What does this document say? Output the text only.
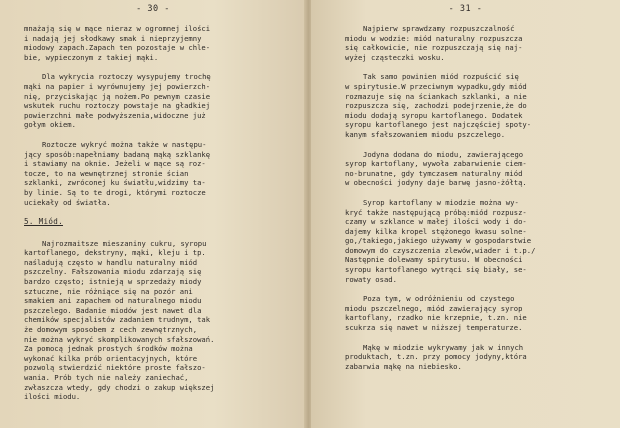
- 30 -
mnażają się w mące nieraz w ogromnej ilości
i nadają jej słodkawy smak i nieprzyjemny
miodowy zapach.Zapach ten pozostaje w chle-
bie, wypieczonym z takiej mąki.
Dla wykrycia roztoczy wysypujemy trochę
mąki na papier i wyrównujemy jej powierzch-
nię, przyciskając ją nożem.Po pewnym czasie
wskutek ruchu roztoczy powstaje na gładkiej
powierzchni małe podwyższenia,widoczne już
gołym okiem.
Roztocze wykryć można także w następu-
jący sposób:napełniamy badaną mąką szklankę
i stawiamy na oknie. Jeżeli w mące są roz-
tocze, to na wewnętrznej stronie ścian
szklanki, zwróconej ku światłu,widzimy ta-
by linie. Są to te drogi, którymi roztocze
uciekały od światła.
5. Miód.
Najrozmaitsze mieszaniny cukru, syropu
kartoflanego, dekstryny, mąki, kleju i tp.
naśladują często w handlu naturalny miód
pszczelny. Fałszowania miodu zdarzają się
bardzo często; istnieją w sprzedaży miody
sztuczne, nie różniące się na pozór ani
smakiem ani zapachem od naturalnego miodu
pszczelego. Badanie miodów jest nawet dla
chemików specjalistów zadaniem trudnym, tak
że domowym sposobem z cech zewnętrznych,
nie można wykryć skomplikowanych sfałszowań.
Za pomocą jednak prostych środków można
wykonać kilka prób orientacyjnych, które
pozwolą stwierdzić niektóre proste fałszo-
wania. Prób tych nie należy zaniechać,
zwłaszcza wtedy, gdy chodzi o zakup większej
ilości miodu.
- 31 -
Najpierw sprawdzamy rozpuszczalność
miodu w wodzie: miód naturalny rozpuszcza
się całkowicie, nie rozpuszczają się naj-
wyżej cząsteczki wosku.
Tak samo powinien miód rozpuścić się
w spirytusie.W przeciwnym wypadku,gdy miód
rozmazuje się na ściankach szklanki, a nie
rozpuszcza się, zachodzi podejrzenie,że do
miodu dodają syropu kartoflanego. Dodatek
syropu kartoflanego jest najczęściej spoty-
kanym sfałszowaniem miodu pszczelego.
Jodyna dodana do miodu, zawierającego
syrop kartoflany, wywoła zabarwienie ciem-
no-brunatne, gdy tymczasem naturalny miód
w obecności jodyny daje barwę jasno-żółtą.
Syrop kartoflany w miodzie można wy-
kryć także następującą próbą:miód rozpusz-
czamy w szklance w małej ilości wody i do-
dajemy kilka kropel stężonego kwasu solne-
go,/takiego,jakiego używamy w gospodarstwie
domowym do czyszczenia zlewów,wiader i t.p./
Następnie dolewamy spirytusu. W obecności
syropu kartoflanego wytrąci się biały, se-
rowaty osad.
Poza tym, w odróżnieniu od czystego
miodu pszczelnego, miód zawierający syrop
kartoflany, rzadko nie krzepnie, t.zn. nie
scukrza się nawet w niższej temperaturze.
Mąkę w miodzie wykrywamy jak w innych
produktach, t.zn. przy pomocy jodyny,która
zabarwia mąkę na niebiesko.
